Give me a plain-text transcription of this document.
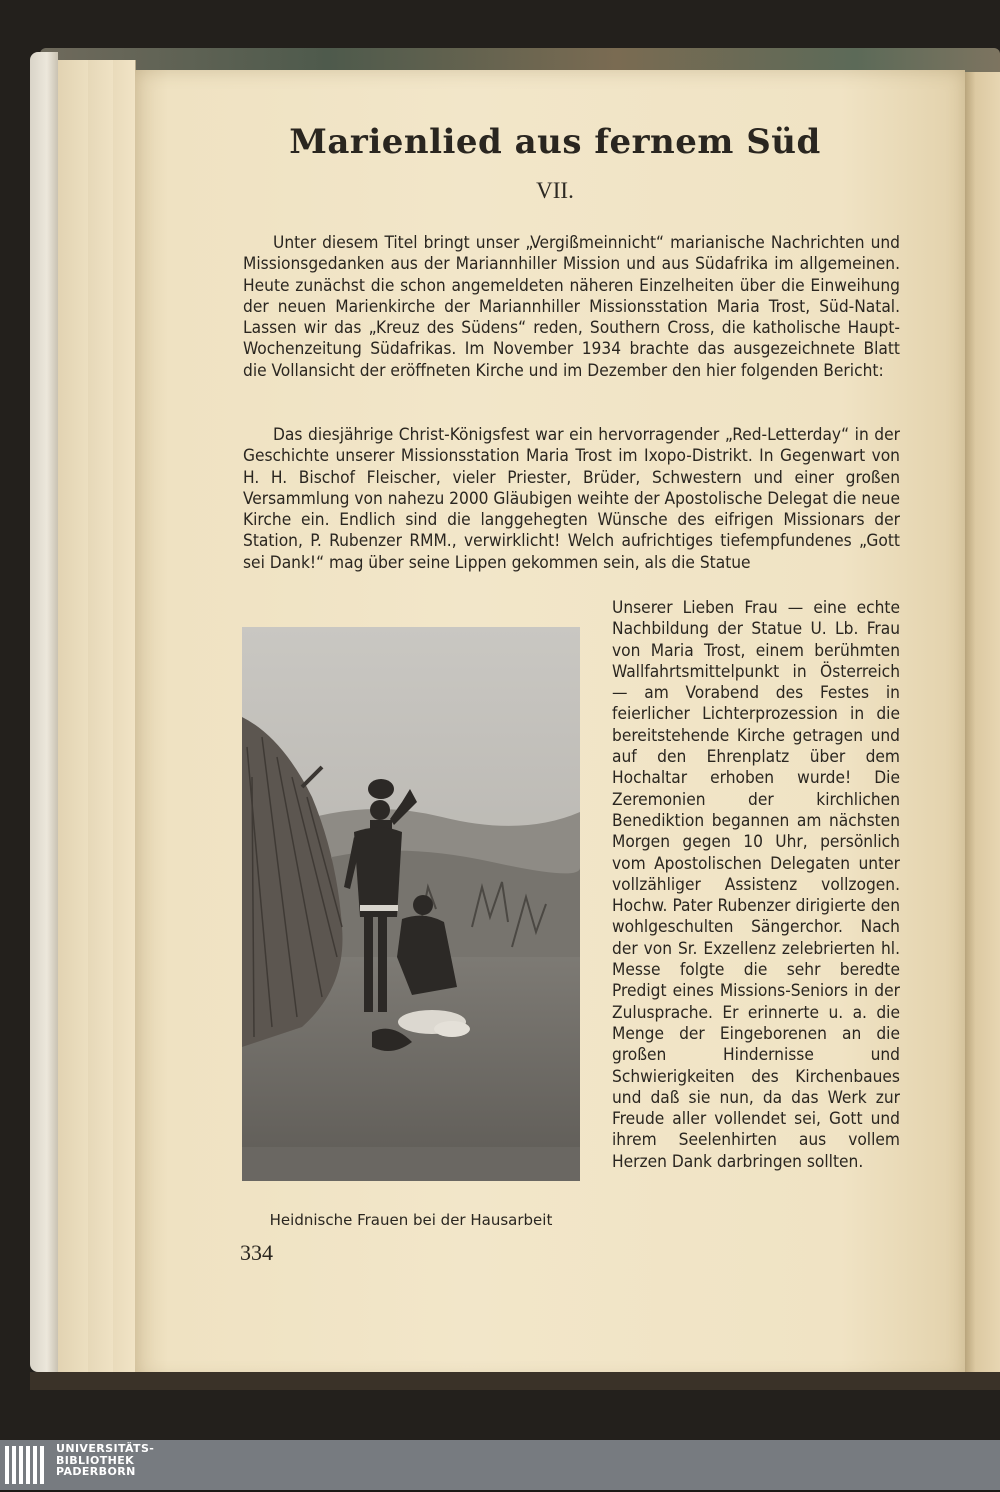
Marienlied aus fernem Süd
VII.

Unter diesem Titel bringt unser „Vergißmeinnicht“ marianische Nachrichten und Missionsgedanken aus der Mariannhiller Mission und aus Südafrika im allgemeinen. Heute zunächst die schon angemeldeten näheren Einzelheiten über die Einweihung der neuen Marienkirche der Mariannhiller Missionsstation Maria Trost, Süd-Natal. Lassen wir das „Kreuz des Südens“ reden, Southern Cross, die katholische Haupt-Wochenzeitung Südafrikas. Im November 1934 brachte das ausgezeichnete Blatt die Vollansicht der eröffneten Kirche und im Dezember den hier folgenden Bericht:

Das diesjährige Christ-Königsfest war ein hervorragender „Red-Letterday“ in der Geschichte unserer Missionsstation Maria Trost im Ixopo-Distrikt. In Gegenwart von H. H. Bischof Fleischer, vieler Priester, Brüder, Schwestern und einer großen Versammlung von nahezu 2000 Gläubigen weihte der Apostolische Delegat die neue Kirche ein. Endlich sind die langgehegten Wünsche des eifrigen Missionars der Station, P. Rubenzer RMM., verwirklicht! Welch aufrichtiges tiefempfundenes „Gott sei Dank!“ mag über seine Lippen gekommen sein, als die Statue

Unserer Lieben Frau — eine echte Nachbildung der Statue U. Lb. Frau von Maria Trost, einem berühmten Wallfahrtsmittelpunkt in Österreich — am Vorabend des Festes in feierlicher Lichterprozession in die bereitstehende Kirche getragen und auf den Ehrenplatz über dem Hochaltar erhoben wurde! Die Zeremonien der kirchlichen Benediktion begannen am nächsten Morgen gegen 10 Uhr, persönlich vom Apostolischen Delegaten unter vollzähliger Assistenz vollzogen. Hochw. Pater Rubenzer dirigierte den wohlgeschulten Sängerchor. Nach der von Sr. Exzellenz zelebrierten hl. Messe folgte die sehr beredte Predigt eines Missions-Seniors in der Zulusprache. Er erinnerte u. a. die Menge der Eingeborenen an die großen Hindernisse und Schwierigkeiten des Kirchenbaues und daß sie nun, da das Werk zur Freude aller vollendet sei, Gott und ihrem Seelenhirten aus vollem Herzen Dank darbringen sollten.

Heidnische Frauen bei der Hausarbeit
334
UNIVERSITÄTS-
BIBLIOTHEK
PADERBORN
